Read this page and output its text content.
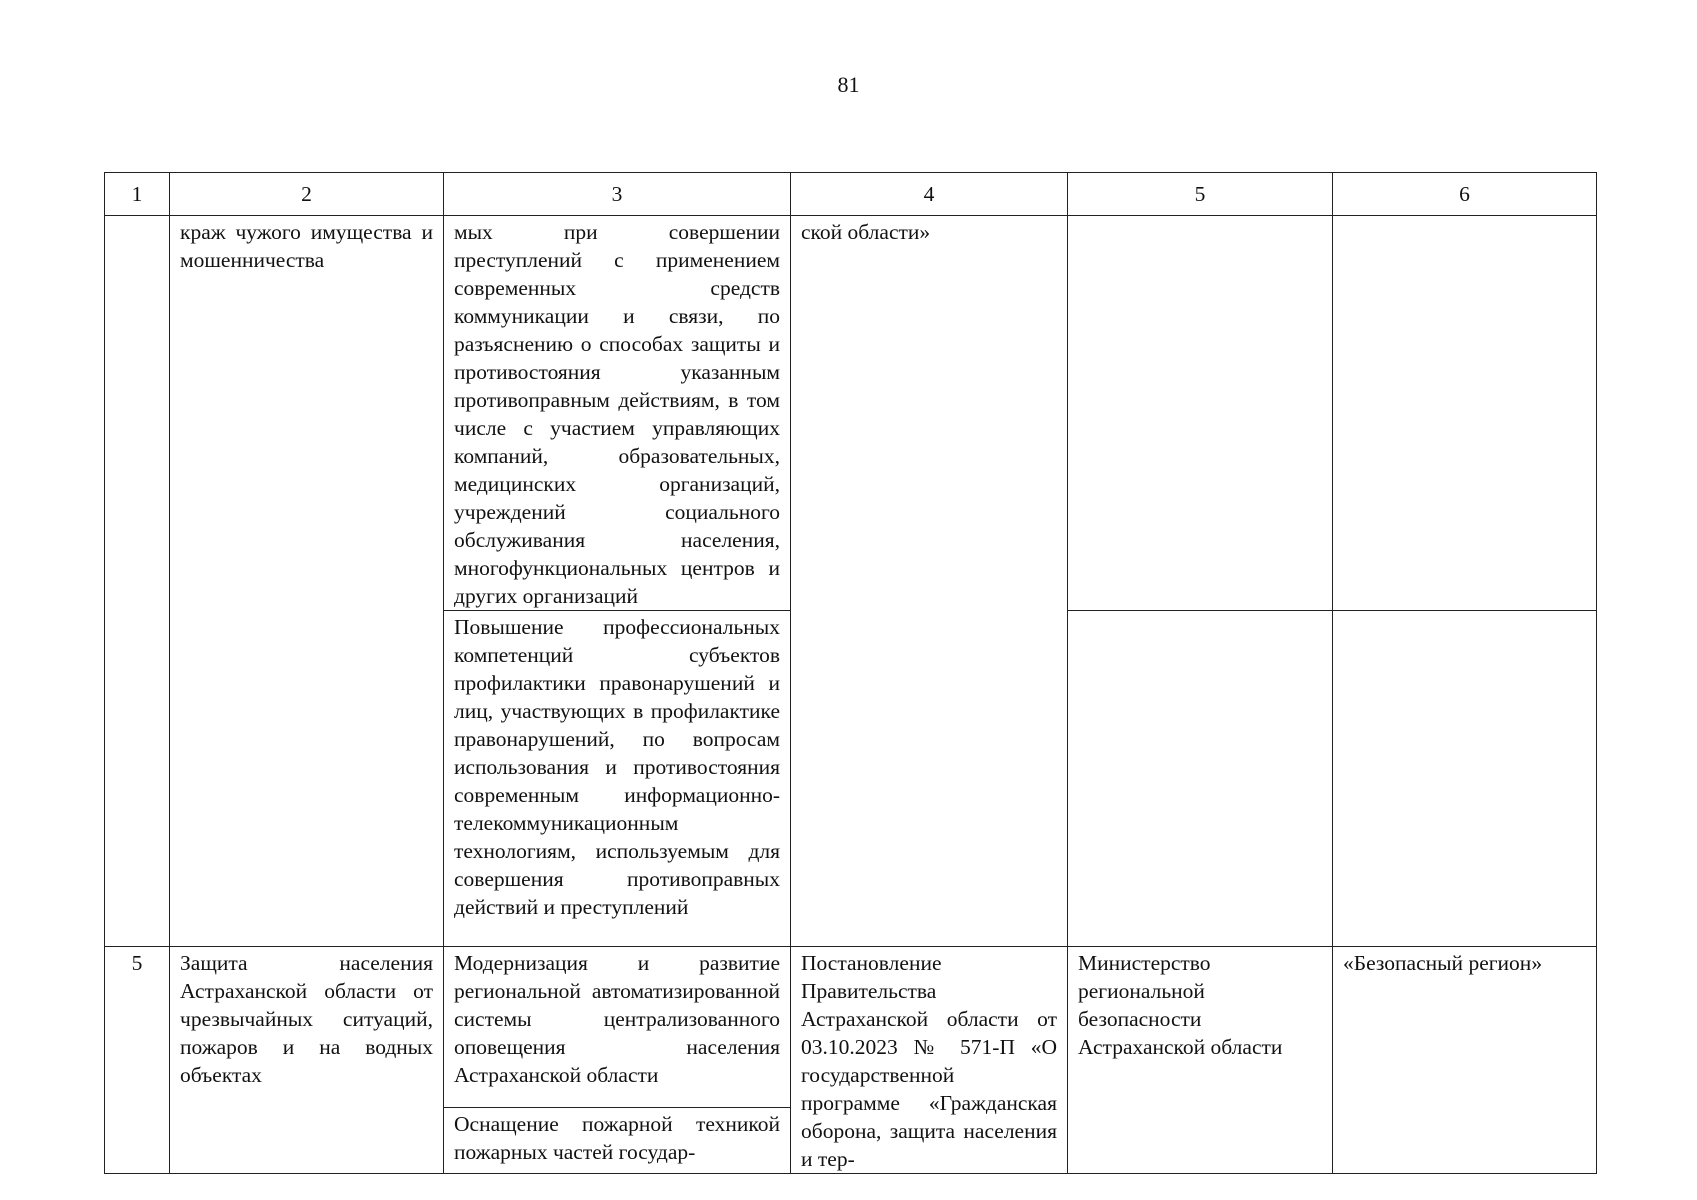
81
1	2	3	4	5	6
	краж чужого имущества и мошенничества	мых при совершении преступлений с применением современных средств коммуникации и связи, по разъяснению о способах защиты и противостояния указанным противоправным действиям, в том числе с участием управляющих компаний, образовательных, медицинских организаций, учреждений социального обслуживания населения, многофункциональных центров и других организаций	ской области»		
		Повышение профессиональных компетенций субъектов профилактики правонарушений и лиц, участвующих в профилактике правонарушений, по вопросам использования и противостояния современным информационно-телекоммуникационным технологиям, используемым для совершения противоправных действий и преступлений			
5	Защита населения Астраханской области от чрезвычайных ситуаций, пожаров и на водных объектах	Модернизация и развитие региональной автоматизированной системы централизованного оповещения населения Астраханской области	Постановление Правительства Астраханской области от 03.10.2023 № 571-П «О государственной программе «Гражданская оборона, защита населения и тер-	Министерство региональной безопасности Астраханской области	«Безопасный регион»
		Оснащение пожарной техникой пожарных частей государ-			
